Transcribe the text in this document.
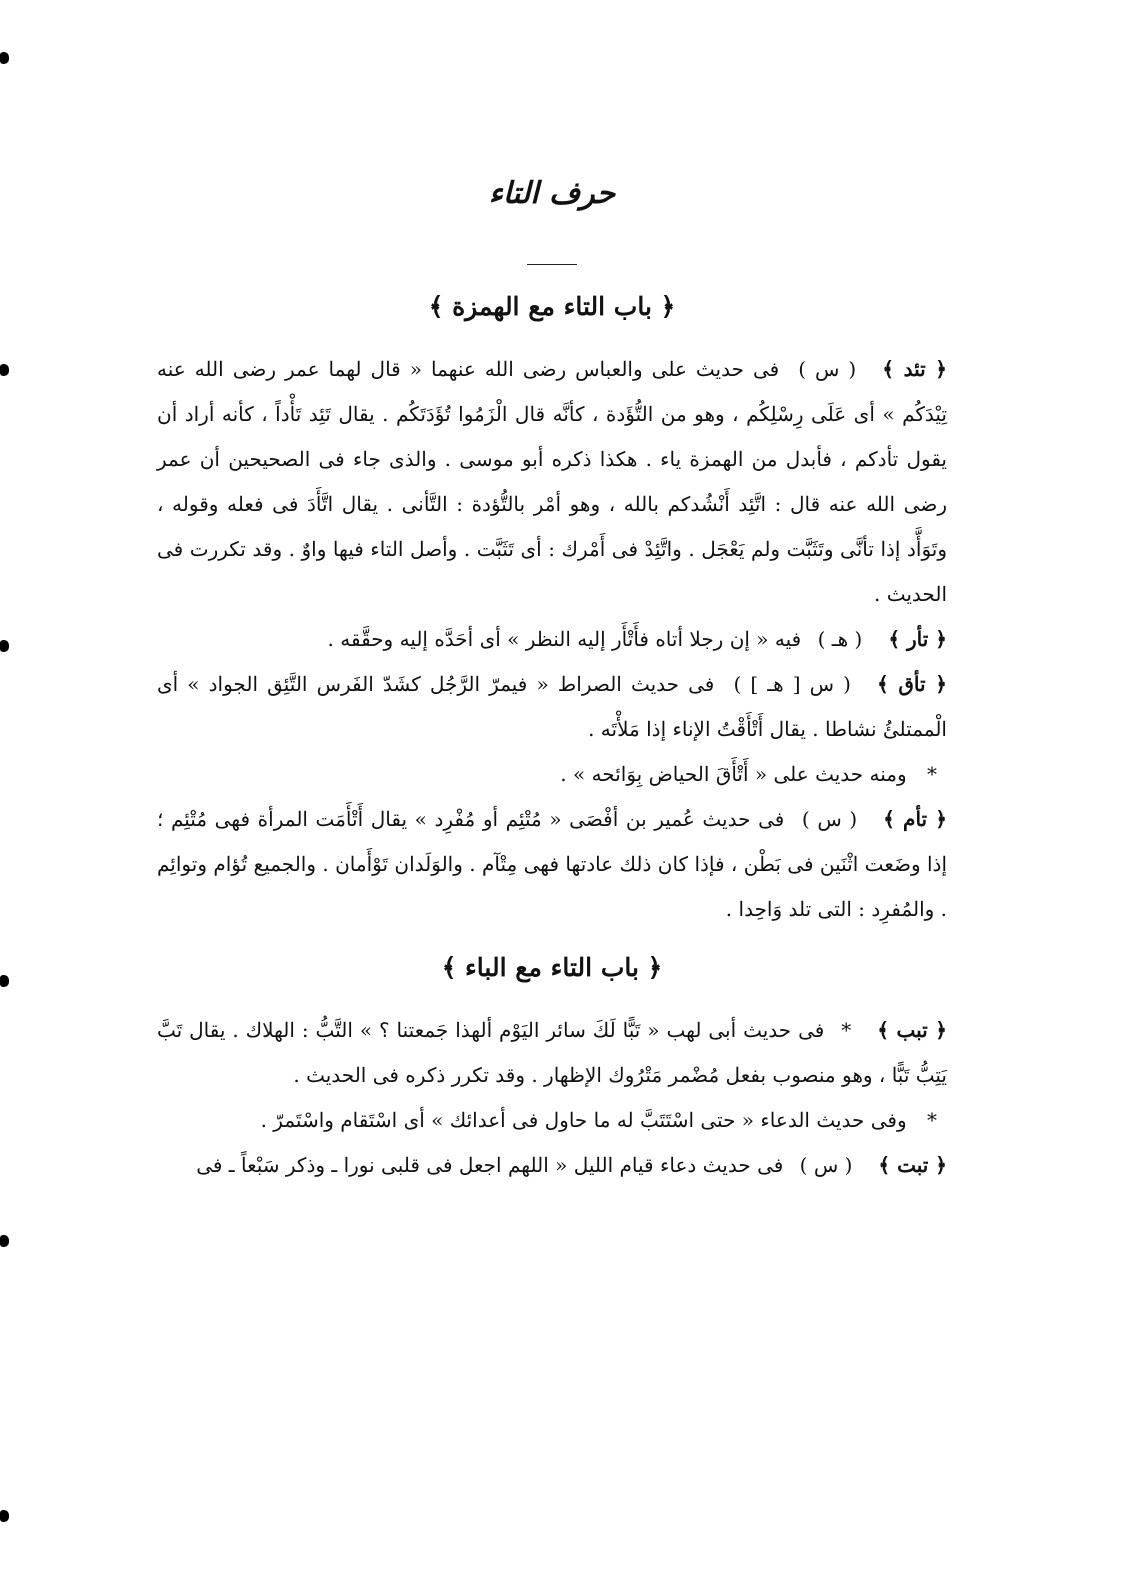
حرف التاء
﴿ باب التاء مع الهمزة ﴾

﴿ تئد ﴾( س ) فى حديث على والعباس رضى الله عنهما « قال لهما عمر رضى الله عنه تِيْدَكُم » أى عَلَى رِسْلِكُم ، وهو من التُّؤَدة ، كأنَّه قال الْزَمُوا تُؤَدَتَكُم . يقال تَئِد تَأْداً ، كأنه أراد أن يقول تأدكم ، فأبدل من الهمزة ياء . هكذا ذكره أبو موسى . والذى جاء فى الصحيحين أن عمر رضى الله عنه قال : اتَّئِد أَنْشُدكم بالله ، وهو أمْر بالتُّؤدة : التَّأنى . يقال اتَّأَدَ فى فعله وقوله ، وتَوَأَّد إذا تأنَّى وتَثَبَّت ولم يَعْجَل . واتَّئِدْ فى أَمْرك : أى تَثَبَّت . وأصل التاء فيها واوٌ . وقد تكررت فى الحديث .

﴿ تأر ﴾( هـ ) فيه « إن رجلا أتاه فأَتْأَر إليه النظر » أى أحَدَّه إليه وحقَّقه .

﴿ تأق ﴾( س [ هـ ] ) فى حديث الصراط « فيمرّ الرَّجُل كشَدّ الفَرس التَّئِق الجواد » أى الْممتلئُ نشاطا . يقال أَتْأَقْتُ الإناء إذا مَلأْتَه .

* ومنه حديث على « أَتْأَقَ الحياض بِوَائحه » .

﴿ تأم ﴾( س ) فى حديث عُمير بن أفْصَى « مُتْئِم أو مُفْرِد » يقال أَتْأَمَت المرأة فهى مُتْئِم ؛ إذا وضَعت اثْنَين فى بَطْن ، فإذا كان ذلك عادتها فهى مِتْآم . والوَلَدان تَوْأَمان . والجميع تُؤام وتوائِم . والمُفرِد : التى تلد وَاحِدا .

﴿ باب التاء مع الباء ﴾

﴿ تبب ﴾* فى حديث أبى لهب « تَبًّا لَكَ سائر اليَوْم ألهذا جَمعتنا ؟ » التَّبُّ : الهلاك . يقال تَبَّ يَتِبُّ تَبًّا ، وهو منصوب بفعل مُضْمر مَتْرُوك الإظهار . وقد تكرر ذكره فى الحديث .

* وفى حديث الدعاء « حتى اسْتَتَبَّ له ما حاول فى أعدائك » أى اسْتَقام واسْتَمرّ .

﴿ تبت ﴾( س ) فى حديث دعاء قيام الليل « اللهم اجعل فى قلبى نورا ـ وذكر سَبْعاً ـ فى
